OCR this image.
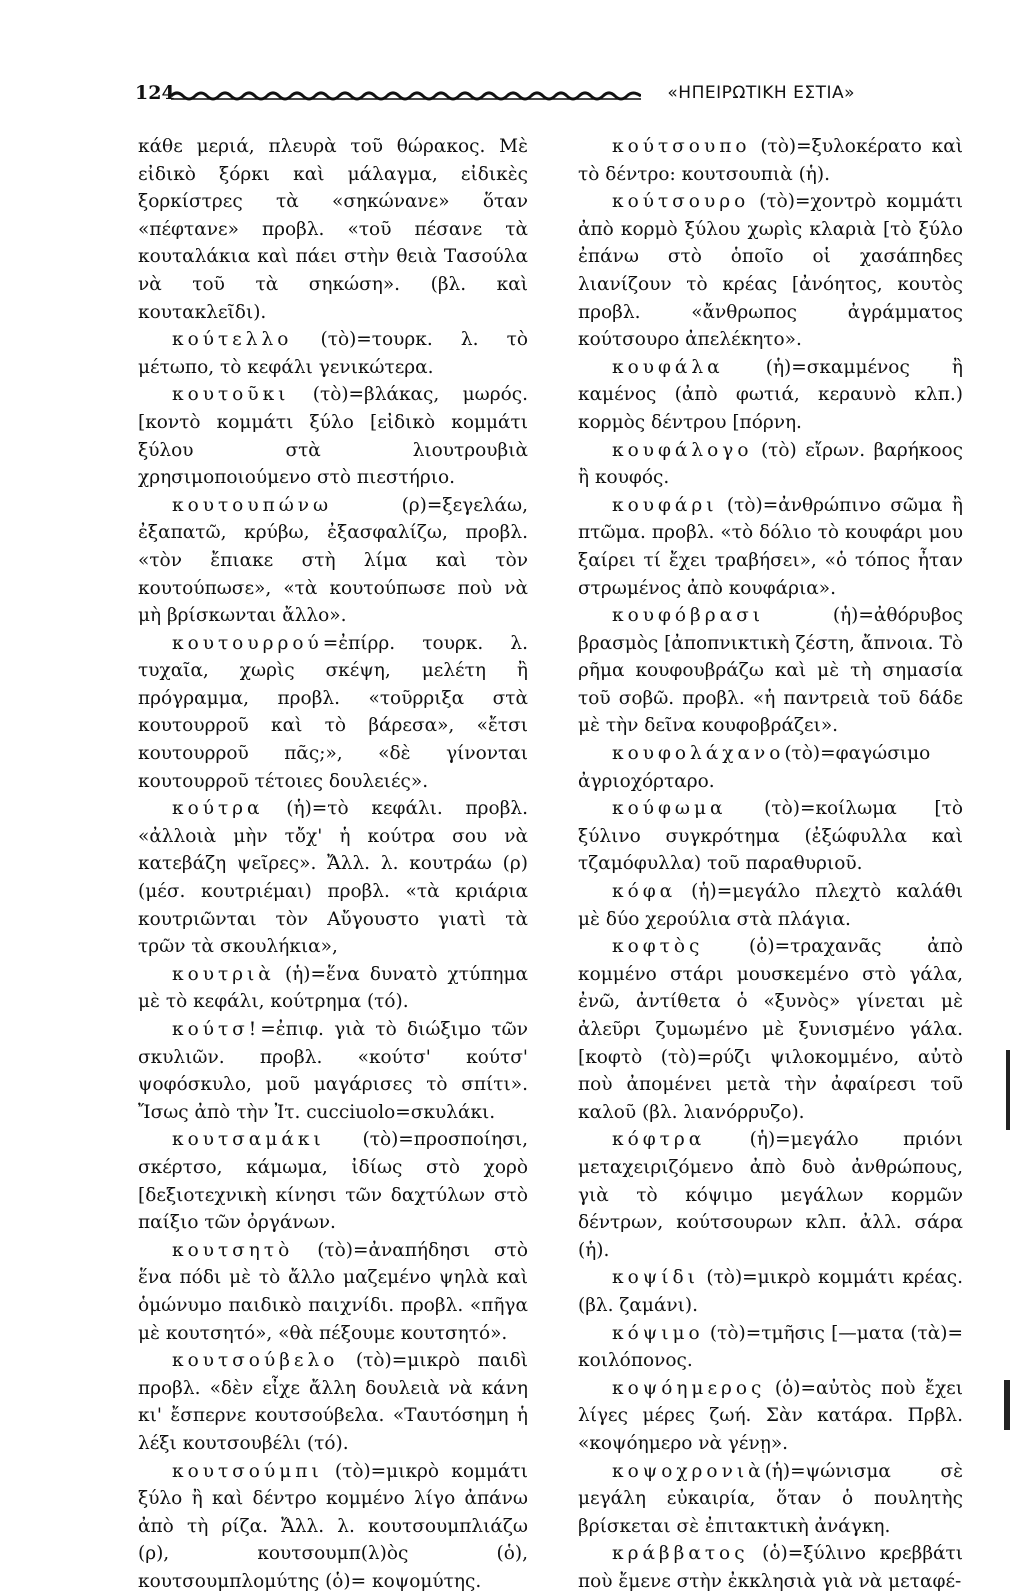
124	«ΗΠΕΙΡΩΤΙΚΗ ΕΣΤΙΑ»

κάθε μεριά, πλευρὰ τοῦ θώρακος. Μὲ εἰδικὸ ξόρκι καὶ μάλαγμα, εἰδικὲς ξορκίστρες τὰ «σηκώνανε» ὅταν «πέφτανε» προβλ. «τοῦ πέσανε τὰ κουταλάκια καὶ πάει στὴν θειὰ Τασούλα νὰ τοῦ τὰ σηκώση». (βλ. καὶ κουτακλεῖδι).

κούτελλο (τὸ)=τουρκ. λ. τὸ μέτωπο, τὸ κεφάλι γενικώτερα.

κουτοῦκι (τὸ)=βλάκας, μωρός. [κοντὸ κομμάτι ξύλο [εἰδικὸ κομμάτι ξύλου στὰ λιουτρουβιὰ χρησιμοποιούμενο στὸ πιεστήριο.

κουτουπώνω (ρ)=ξεγελάω, ἐξαπατῶ, κρύβω, ἐξασφαλίζω, προβλ. «τὸν ἔπιακε στὴ λίμα καὶ τὸν κουτούπωσε», «τὰ κουτούπωσε ποὺ νὰ μὴ βρίσκωνται ἄλλο».

κουτουρρού=ἐπίρρ. τουρκ. λ. τυχαῖα, χωρὶς σκέψη, μελέτη ἢ πρόγραμμα, προβλ. «τοῦρριξα στὰ κουτουρροῦ καὶ τὸ βάρεσα», «ἔτσι κουτουρροῦ πᾶς;», «δὲ γίνονται κουτουρροῦ τέτοιες δουλειές».

κούτρα (ἡ)=τὸ κεφάλι. προβλ. «ἀλλοιὰ μὴν τὄχ' ἡ κούτρα σου νὰ κατεβάζη ψεῖρες». Ἄλλ. λ. κουτράω (ρ) (μέσ. κουτριέμαι) προβλ. «τὰ κριάρια κουτριῶνται τὸν Αὔγουστο γιατὶ τὰ τρῶν τὰ σκουλήκια»,

κουτριὰ (ἡ)=ἕνα δυνατὸ χτύπημα μὲ τὸ κεφάλι, κούτρημα (τό).

κούτσ!=ἐπιφ. γιὰ τὸ διώξιμο τῶν σκυλιῶν. προβλ. «κούτσ' κούτσ' ψοφόσκυλο, μοῦ μαγάρισες τὸ σπίτι». Ἴσως ἀπὸ τὴν Ἰτ. cucciuolo=σκυλάκι.

κουτσαμάκι (τὸ)=προσποίησι, σκέρτσο, κάμωμα, ἰδίως στὸ χορὸ [δεξιοτεχνικὴ κίνησι τῶν δαχτύλων στὸ παίξιο τῶν ὀργάνων.

κουτσητὸ (τὸ)=ἀναπήδησι στὸ ἕνα πόδι μὲ τὸ ἄλλο μαζεμένο ψηλὰ καὶ ὁμώνυμο παιδικὸ παιχνίδι. προβλ. «πῆγα μὲ κουτσητό», «θὰ πέξουμε κουτσητό».

κουτσούβελο (τὸ)=μικρὸ παιδὶ προβλ. «δὲν εἶχε ἄλλη δουλειὰ νὰ κάνη κι' ἔσπερνε κουτσούβελα. «Ταυτόσημη ἡ λέξι κουτσουβέλι (τό).

κουτσούμπι (τὸ)=μικρὸ κομμάτι ξύλο ἢ καὶ δέντρο κομμένο λίγο ἀπάνω ἀπὸ τὴ ρίζα. Ἄλλ. λ. κουτσουμπλιάζω (ρ), κουτσουμπ(λ)ὸς (ὁ), κουτσουμπλομύτης (ὁ)= κοψομύτης.

κούτσουπο (τὸ)=ξυλοκέρατο καὶ τὸ δέντρο: κουτσουπιὰ (ἡ).

κούτσουρο (τὸ)=χοντρὸ κομμάτι ἀπὸ κορμὸ ξύλου χωρὶς κλαριὰ [τὸ ξύλο ἐπάνω στὸ ὁποῖο οἱ χασάπηδες λιανίζουν τὸ κρέας [ἀνόητος, κουτὸς προβλ. «ἄνθρωπος ἀγράμματος κούτσουρο ἀπελέκητο».

κουφάλα (ἡ)=σκαμμένος ἢ καμένος (ἀπὸ φωτιά, κεραυνὸ κλπ.) κορμὸς δέντρου [πόρνη.

κουφάλογο (τὸ) εἴρων. βαρήκοος ἢ κουφός.

κουφάρι (τὸ)=ἀνθρώπινο σῶμα ἢ πτῶμα. προβλ. «τὸ δόλιο τὸ κουφάρι μου ξαίρει τί ἔχει τραβήσει», «ὁ τόπος ἦταν στρωμένος ἀπὸ κουφάρια».

κουφόβρασι (ἡ)=ἀθόρυβος βρασμὸς [ἀποπνικτικὴ ζέστη, ἄπνοια. Τὸ ρῆμα κουφουβράζω καὶ μὲ τὴ σημασία τοῦ σοβῶ. προβλ. «ἡ παντρειὰ τοῦ δάδε μὲ τὴν δεῖνα κουφοβράζει».

κουφολάχανο(τὸ)=φαγώσιμο ἀγριοχόρταρο.

κούφωμα (τὸ)=κοίλωμα [τὸ ξύλινο συγκρότημα (ἐξώφυλλα καὶ τζαμόφυλλα) τοῦ παραθυριοῦ.

κόφα (ἡ)=μεγάλο πλεχτὸ καλάθι μὲ δύο χερούλια στὰ πλάγια.

κοφτὸς (ὁ)=τραχανᾶς ἀπὸ κομμένο στάρι μουσκεμένο στὸ γάλα, ἐνῶ, ἀντίθετα ὁ «ξυνὸς» γίνεται μὲ ἀλεῦρι ζυμωμένο μὲ ξυνισμένο γάλα. [κοφτὸ (τὸ)=ρύζι ψιλοκομμένο, αὐτὸ ποὺ ἀπομένει μετὰ τὴν ἀφαίρεσι τοῦ καλοῦ (βλ. λιανόρρυζο).

κόφτρα (ἡ)=μεγάλο πριόνι μεταχειριζόμενο ἀπὸ δυὸ ἀνθρώπους, γιὰ τὸ κόψιμο μεγάλων κορμῶν δέντρων, κούτσουρων κλπ. ἀλλ. σάρα (ἡ).

κοψίδι (τὸ)=μικρὸ κομμάτι κρέας. (βλ. ζαμάνι).

κόψιμο (τὸ)=τμῆσις [—ματα (τὰ)= κοιλόπονος.

κοψόημερος (ὁ)=αὐτὸς ποὺ ἔχει λίγες μέρες ζωή. Σὰν κατάρα. Πρβλ. «κοψόημερο νὰ γένῃ».

κοψοχρονιὰ(ἡ)=ψώνισμα σὲ μεγάλη εὐκαιρία, ὅταν ὁ πουλητὴς βρίσκεται σὲ ἐπιτακτικὴ ἀνάγκη.

κράββατος (ὁ)=ξύλινο κρεββάτι ποὺ ἔμενε στὴν ἐκκλησιὰ γιὰ νὰ μεταφέ-
